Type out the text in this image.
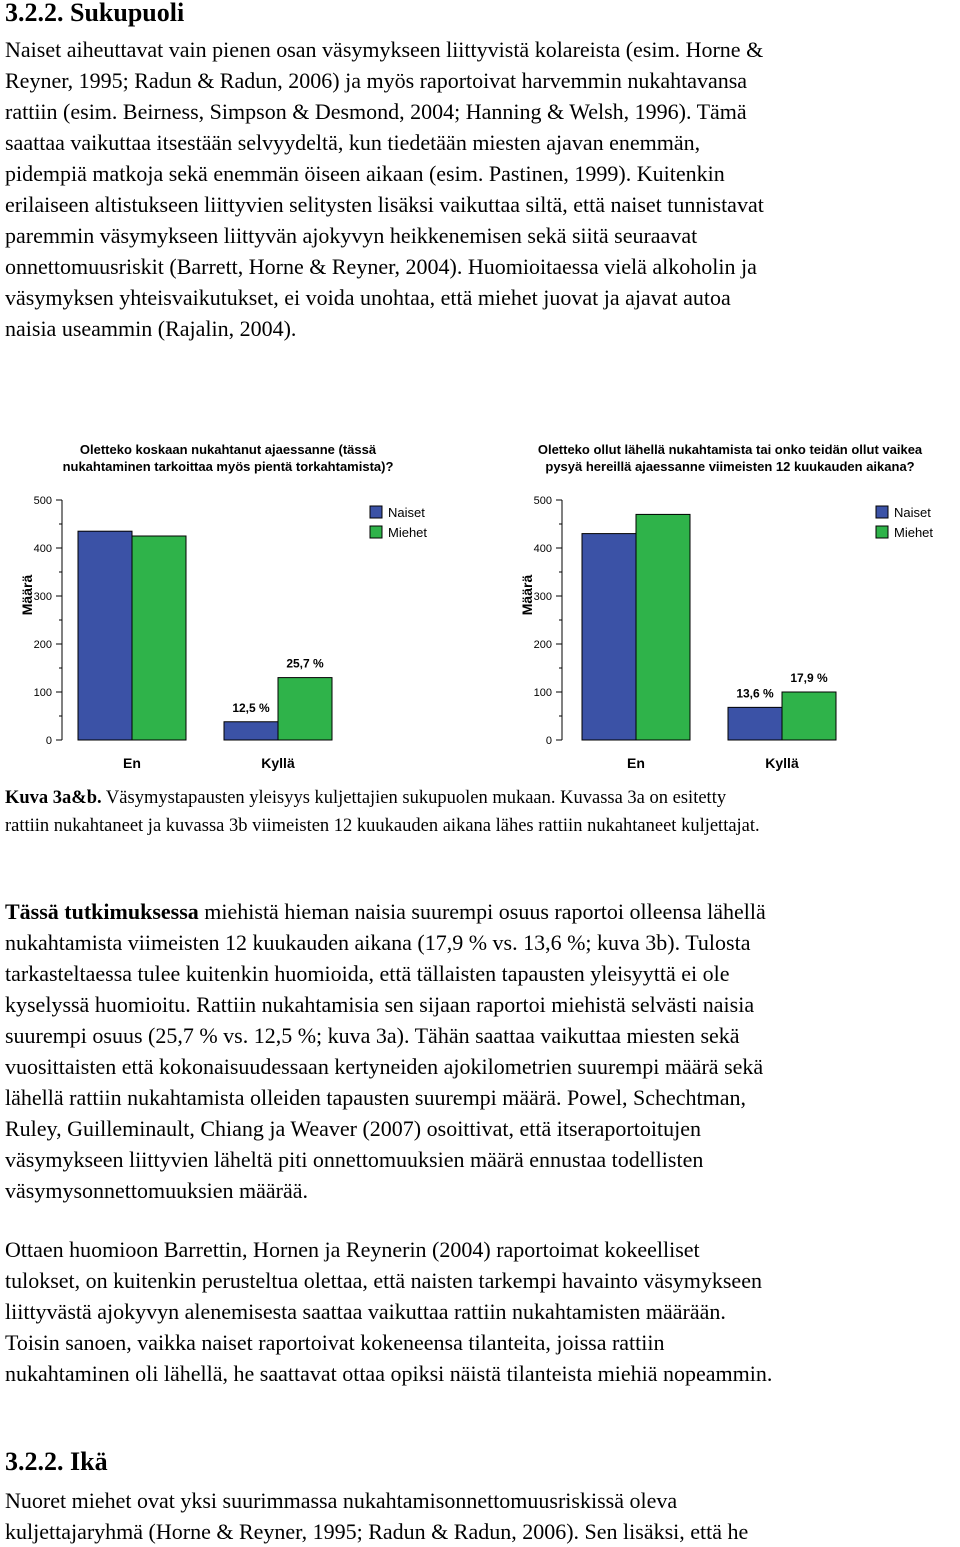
3.2.2. Sukupuoli
Naiset aiheuttavat vain pienen osan väsymykseen liittyvistä kolareista (esim. Horne &
Reyner, 1995; Radun & Radun, 2006) ja myös raportoivat harvemmin nukahtavansa
rattiin (esim. Beirness, Simpson & Desmond, 2004; Hanning & Welsh, 1996). Tämä
saattaa vaikuttaa itsestään selvyydeltä, kun tiedetään miesten ajavan enemmän,
pidempiä matkoja sekä enemmän öiseen aikaan (esim. Pastinen, 1999). Kuitenkin
erilaiseen altistukseen liittyvien selitysten lisäksi vaikuttaa siltä, että naiset tunnistavat
paremmin väsymykseen liittyvän ajokyvyn heikkenemisen sekä siitä seuraavat
onnettomuusriskit (Barrett, Horne & Reyner, 2004). Huomioitaessa vielä alkoholin ja
väsymyksen yhteisvaikutukset, ei voida unohtaa, että miehet juovat ja ajavat autoa
naisia useammin (Rajalin, 2004).
Oletteko koskaan nukahtanut ajaessanne (tässä
nukahtaminen tarkoittaa myös pientä torkahtamista)?
Määrä
0
100
200
300
400
500
12,5 %
25,7 %
En	Kyllä
Naiset
Miehet
Oletteko ollut lähellä nukahtamista tai onko teidän ollut vaikea
pysyä hereillä ajaessanne viimeisten 12 kuukauden aikana?
Määrä
0
100
200
300
400
500
13,6 %
17,9 %
En	Kyllä
Naiset
Miehet
Kuva 3a&b. Väsymystapausten yleisyys kuljettajien sukupuolen mukaan. Kuvassa 3a on esitetty
rattiin nukahtaneet ja kuvassa 3b viimeisten 12 kuukauden aikana lähes rattiin nukahtaneet kuljettajat.
Tässä tutkimuksessa miehistä hieman naisia suurempi osuus raportoi olleensa lähellä
nukahtamista viimeisten 12 kuukauden aikana (17,9 % vs. 13,6 %; kuva 3b). Tulosta
tarkasteltaessa tulee kuitenkin huomioida, että tällaisten tapausten yleisyyttä ei ole
kyselyssä huomioitu. Rattiin nukahtamisia sen sijaan raportoi miehistä selvästi naisia
suurempi osuus (25,7 % vs. 12,5 %; kuva 3a). Tähän saattaa vaikuttaa miesten sekä
vuosittaisten että kokonaisuudessaan kertyneiden ajokilometrien suurempi määrä sekä
lähellä rattiin nukahtamista olleiden tapausten suurempi määrä. Powel, Schechtman,
Ruley, Guilleminault, Chiang ja Weaver (2007) osoittivat, että itseraportoitujen
väsymykseen liittyvien läheltä piti onnettomuuksien määrä ennustaa todellisten
väsymysonnettomuuksien määrää.
Ottaen huomioon Barrettin, Hornen ja Reynerin (2004) raportoimat kokeelliset
tulokset, on kuitenkin perusteltua olettaa, että naisten tarkempi havainto väsymykseen
liittyvästä ajokyvyn alenemisesta saattaa vaikuttaa rattiin nukahtamisten määrään.
Toisin sanoen, vaikka naiset raportoivat kokeneensa tilanteita, joissa rattiin
nukahtaminen oli lähellä, he saattavat ottaa opiksi näistä tilanteista miehiä nopeammin.
3.2.2. Ikä
Nuoret miehet ovat yksi suurimmassa nukahtamisonnettomuusriskissä oleva
kuljettajaryhmä (Horne & Reyner, 1995; Radun & Radun, 2006). Sen lisäksi, että he
